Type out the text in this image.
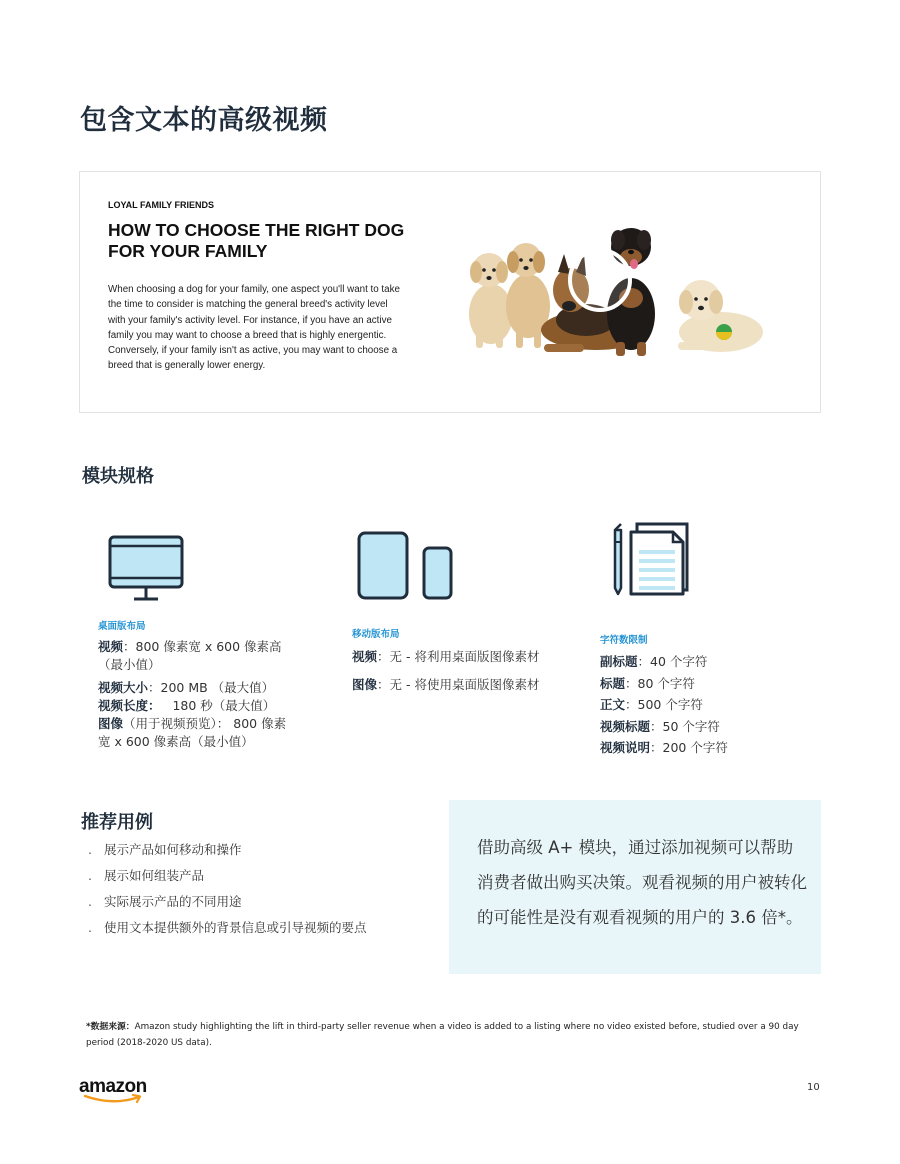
包含文本的高级视频
LOYAL FAMILY FRIENDS
HOW TO CHOOSE THE RIGHT DOG FOR YOUR FAMILY
When choosing a dog for your family, one aspect you'll want to take the time to consider is matching the general breed's activity level with your family's activity level. For instance, if you have an active family you may want to choose a breed that is highly energentic. Conversely, if your family isn't as active, you may want to choose a breed that is generally lower energy.
模块规格
桌面版布局
视频：800 像素宽 x 600 像素高（最小值）
视频大小：200 MB （最大值）
视频长度： 180 秒（最大值）
图像（用于视频预览）： 800 像素宽 x 600 像素高（最小值）
移动版布局
视频：无 - 将利用桌面版图像素材
图像：无 - 将使用桌面版图像素材
字符数限制
副标题：40 个字符
标题：80 个字符
正文：500 个字符
视频标题：50 个字符
视频说明：200 个字符
推荐用例
. 展示产品如何移动和操作
. 展示如何组装产品
. 实际展示产品的不同用途
. 使用文本提供额外的背景信息或引导视频的要点
借助高级 A+ 模块，通过添加视频可以帮助消费者做出购买决策。观看视频的用户被转化的可能性是没有观看视频的用户的 3.6 倍*。
*数据来源：Amazon study highlighting the lift in third-party seller revenue when a video is added to a listing where no video existed before, studied over a 90 day period (2018-2020 US data).
amazon	10
